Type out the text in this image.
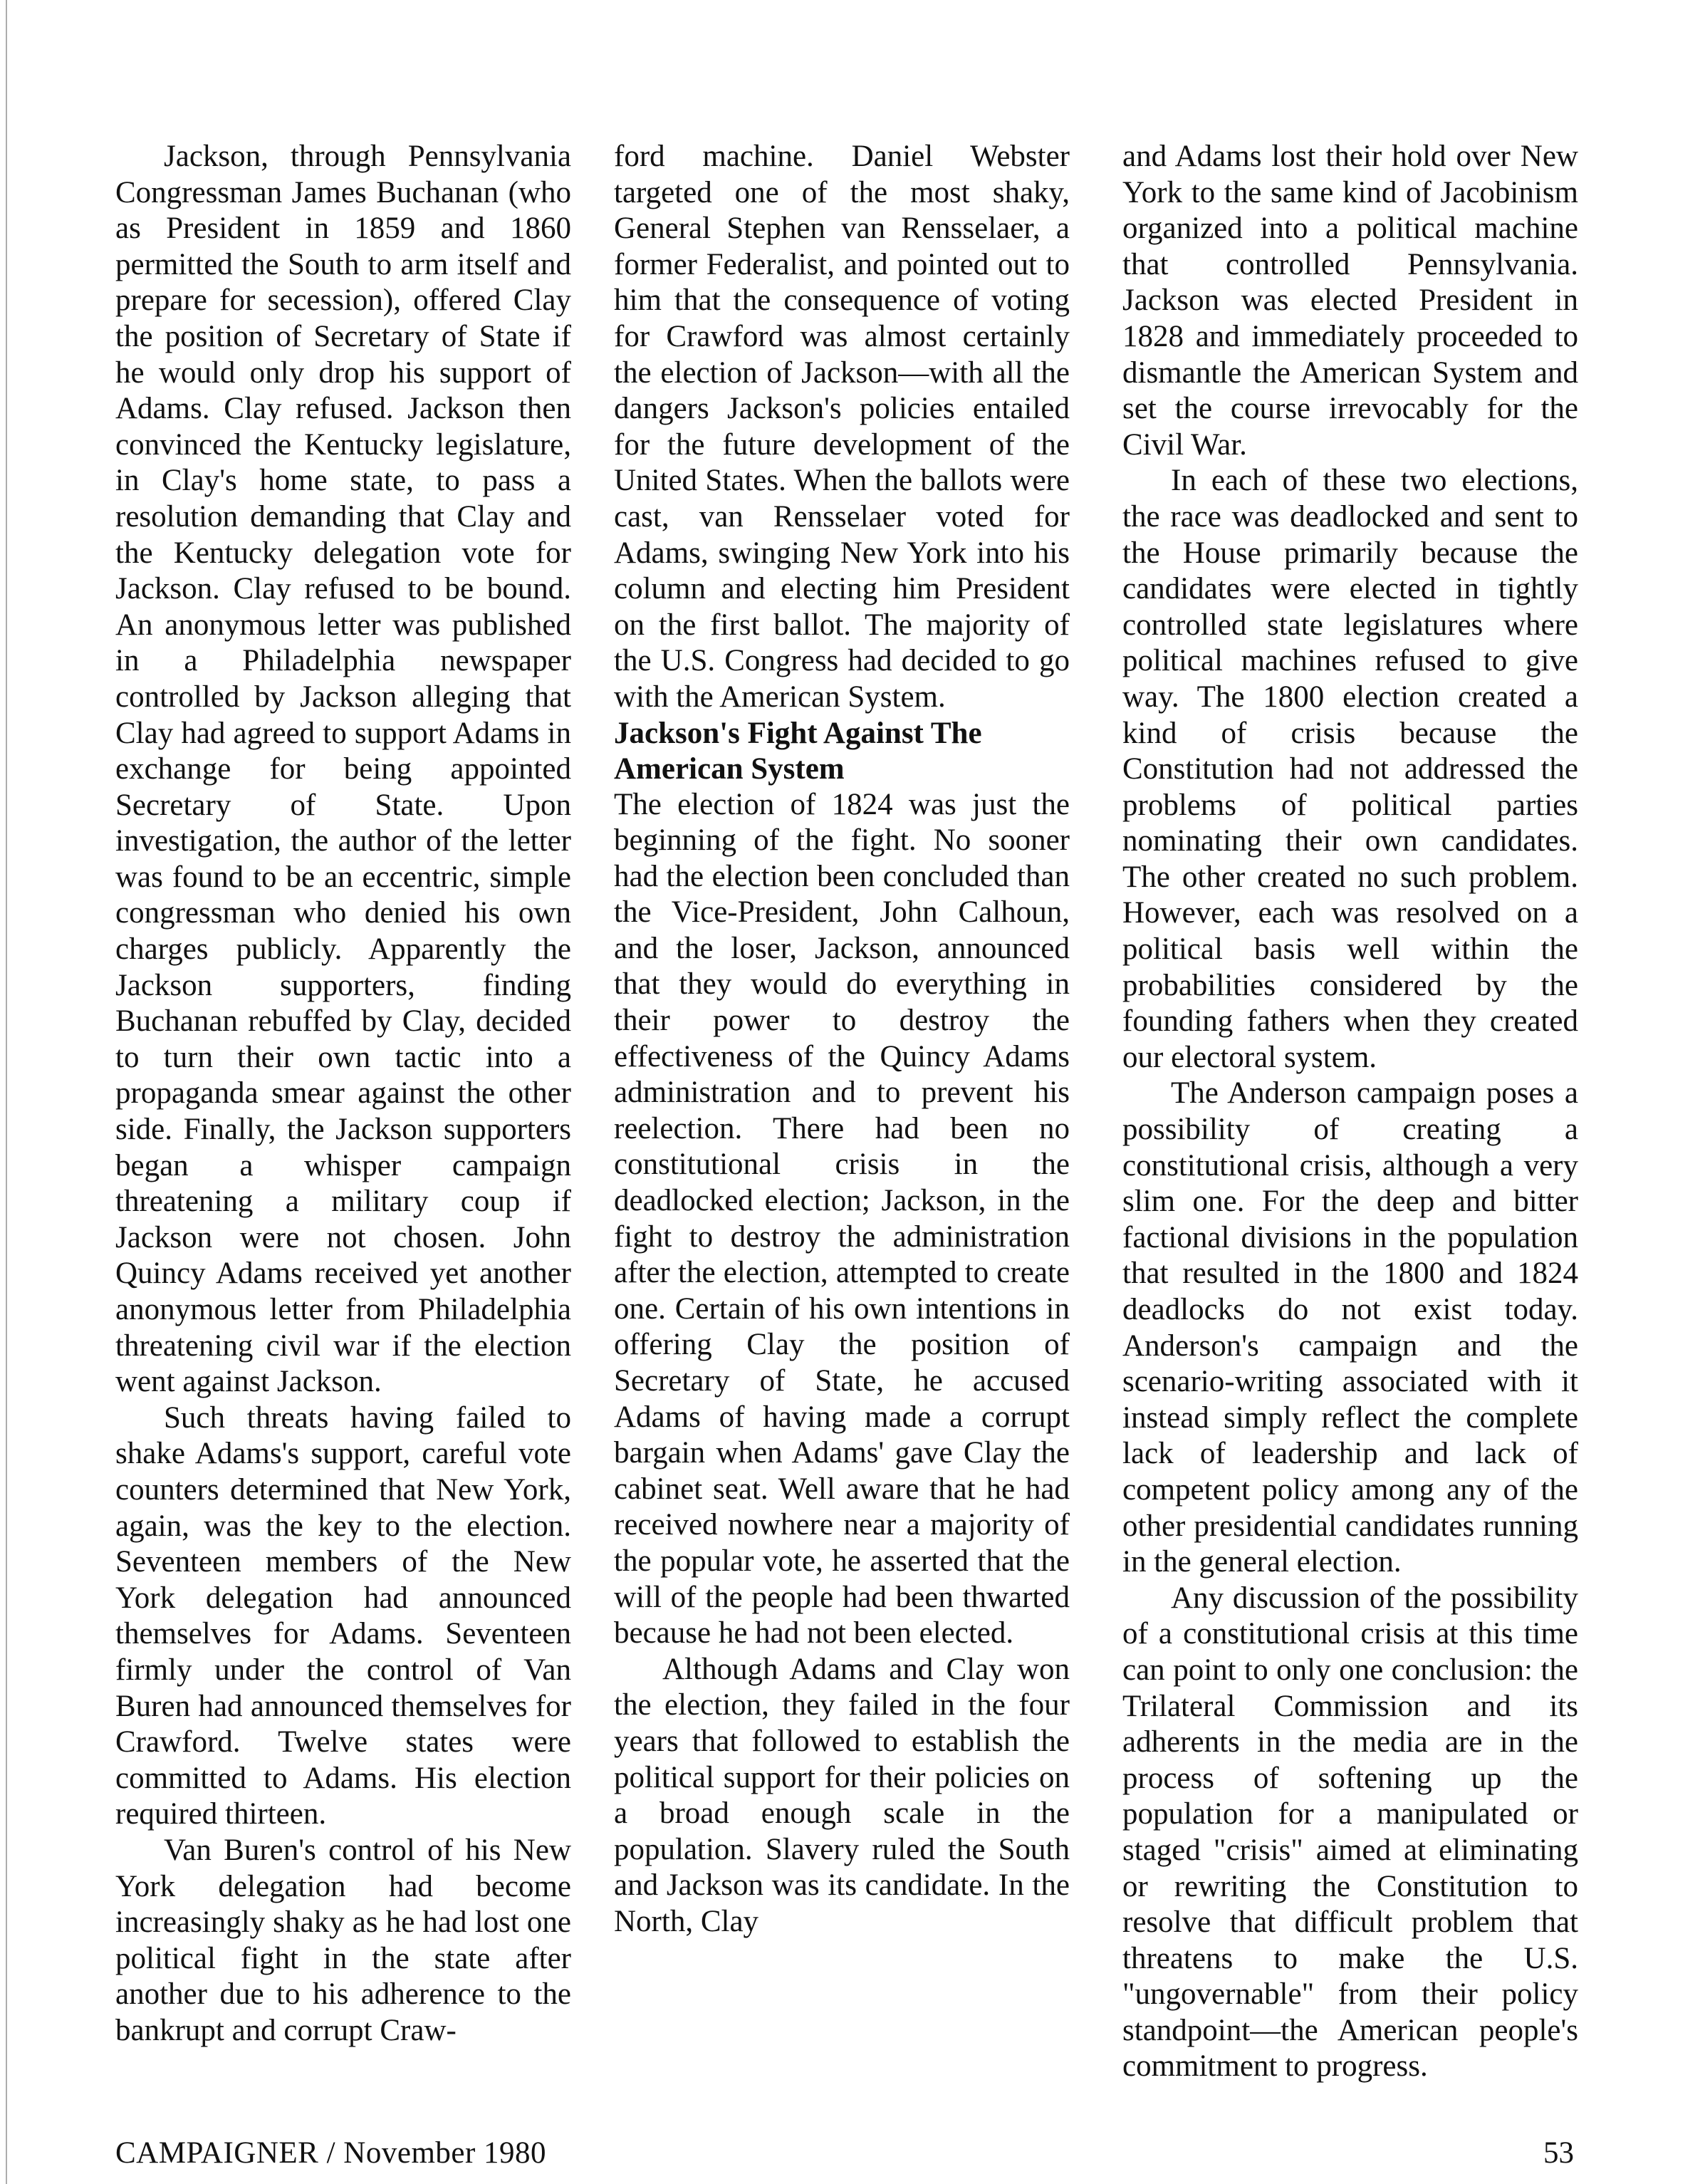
Jackson, through Pennsylvania Congressman James Buchanan (who as President in 1859 and 1860 permitted the South to arm itself and prepare for secession), offered Clay the position of Secretary of State if he would only drop his support of Adams. Clay refused. Jackson then convinced the Kentucky legislature, in Clay's home state, to pass a resolution demanding that Clay and the Kentucky delegation vote for Jackson. Clay refused to be bound. An anonymous letter was published in a Philadelphia newspaper controlled by Jackson alleging that Clay had agreed to support Adams in exchange for being appointed Secretary of State. Upon investigation, the author of the letter was found to be an eccentric, simple congressman who denied his own charges publicly. Apparently the Jackson supporters, finding Buchanan rebuffed by Clay, decided to turn their own tactic into a propaganda smear against the other side. Finally, the Jackson supporters began a whisper campaign threatening a military coup if Jackson were not chosen. John Quincy Adams received yet another anonymous letter from Philadelphia threatening civil war if the election went against Jackson.

Such threats having failed to shake Adams's support, careful vote counters determined that New York, again, was the key to the election. Seventeen members of the New York delegation had announced themselves for Adams. Seventeen firmly under the control of Van Buren had announced themselves for Crawford. Twelve states were committed to Adams. His election required thirteen.

Van Buren's control of his New York delegation had become increasingly shaky as he had lost one political fight in the state after another due to his adherence to the bankrupt and corrupt Craw-

ford machine. Daniel Webster targeted one of the most shaky, General Stephen van Rensselaer, a former Federalist, and pointed out to him that the consequence of voting for Crawford was almost certainly the election of Jackson—with all the dangers Jackson's policies entailed for the future development of the United States. When the ballots were cast, van Rensselaer voted for Adams, swinging New York into his column and electing him President on the first ballot. The majority of the U.S. Congress had decided to go with the American System.

Jackson's Fight Against The American System

The election of 1824 was just the beginning of the fight. No sooner had the election been concluded than the Vice-President, John Calhoun, and the loser, Jackson, announced that they would do everything in their power to destroy the effectiveness of the Quincy Adams administration and to prevent his reelection. There had been no constitutional crisis in the deadlocked election; Jackson, in the fight to destroy the administration after the election, attempted to create one. Certain of his own intentions in offering Clay the position of Secretary of State, he accused Adams of having made a corrupt bargain when Adams' gave Clay the cabinet seat. Well aware that he had received nowhere near a majority of the popular vote, he asserted that the will of the people had been thwarted because he had not been elected.

Although Adams and Clay won the election, they failed in the four years that followed to establish the political support for their policies on a broad enough scale in the population. Slavery ruled the South and Jackson was its candidate. In the North, Clay

and Adams lost their hold over New York to the same kind of Jacobinism organized into a political machine that controlled Pennsylvania. Jackson was elected President in 1828 and immediately proceeded to dismantle the American System and set the course irrevocably for the Civil War.

In each of these two elections, the race was deadlocked and sent to the House primarily because the candidates were elected in tightly controlled state legislatures where political machines refused to give way. The 1800 election created a kind of crisis because the Constitution had not addressed the problems of political parties nominating their own candidates. The other created no such problem. However, each was resolved on a political basis well within the probabilities considered by the founding fathers when they created our electoral system.

The Anderson campaign poses a possibility of creating a constitutional crisis, although a very slim one. For the deep and bitter factional divisions in the population that resulted in the 1800 and 1824 deadlocks do not exist today. Anderson's campaign and the scenario-writing associated with it instead simply reflect the complete lack of leadership and lack of competent policy among any of the other presidential candidates running in the general election.

Any discussion of the possibility of a constitutional crisis at this time can point to only one conclusion: the Trilateral Commission and its adherents in the media are in the process of softening up the population for a manipulated or staged "crisis" aimed at eliminating or rewriting the Constitution to resolve that difficult problem that threatens to make the U.S. "ungovernable" from their policy standpoint—the American people's commitment to progress.

CAMPAIGNER / November 1980	53
